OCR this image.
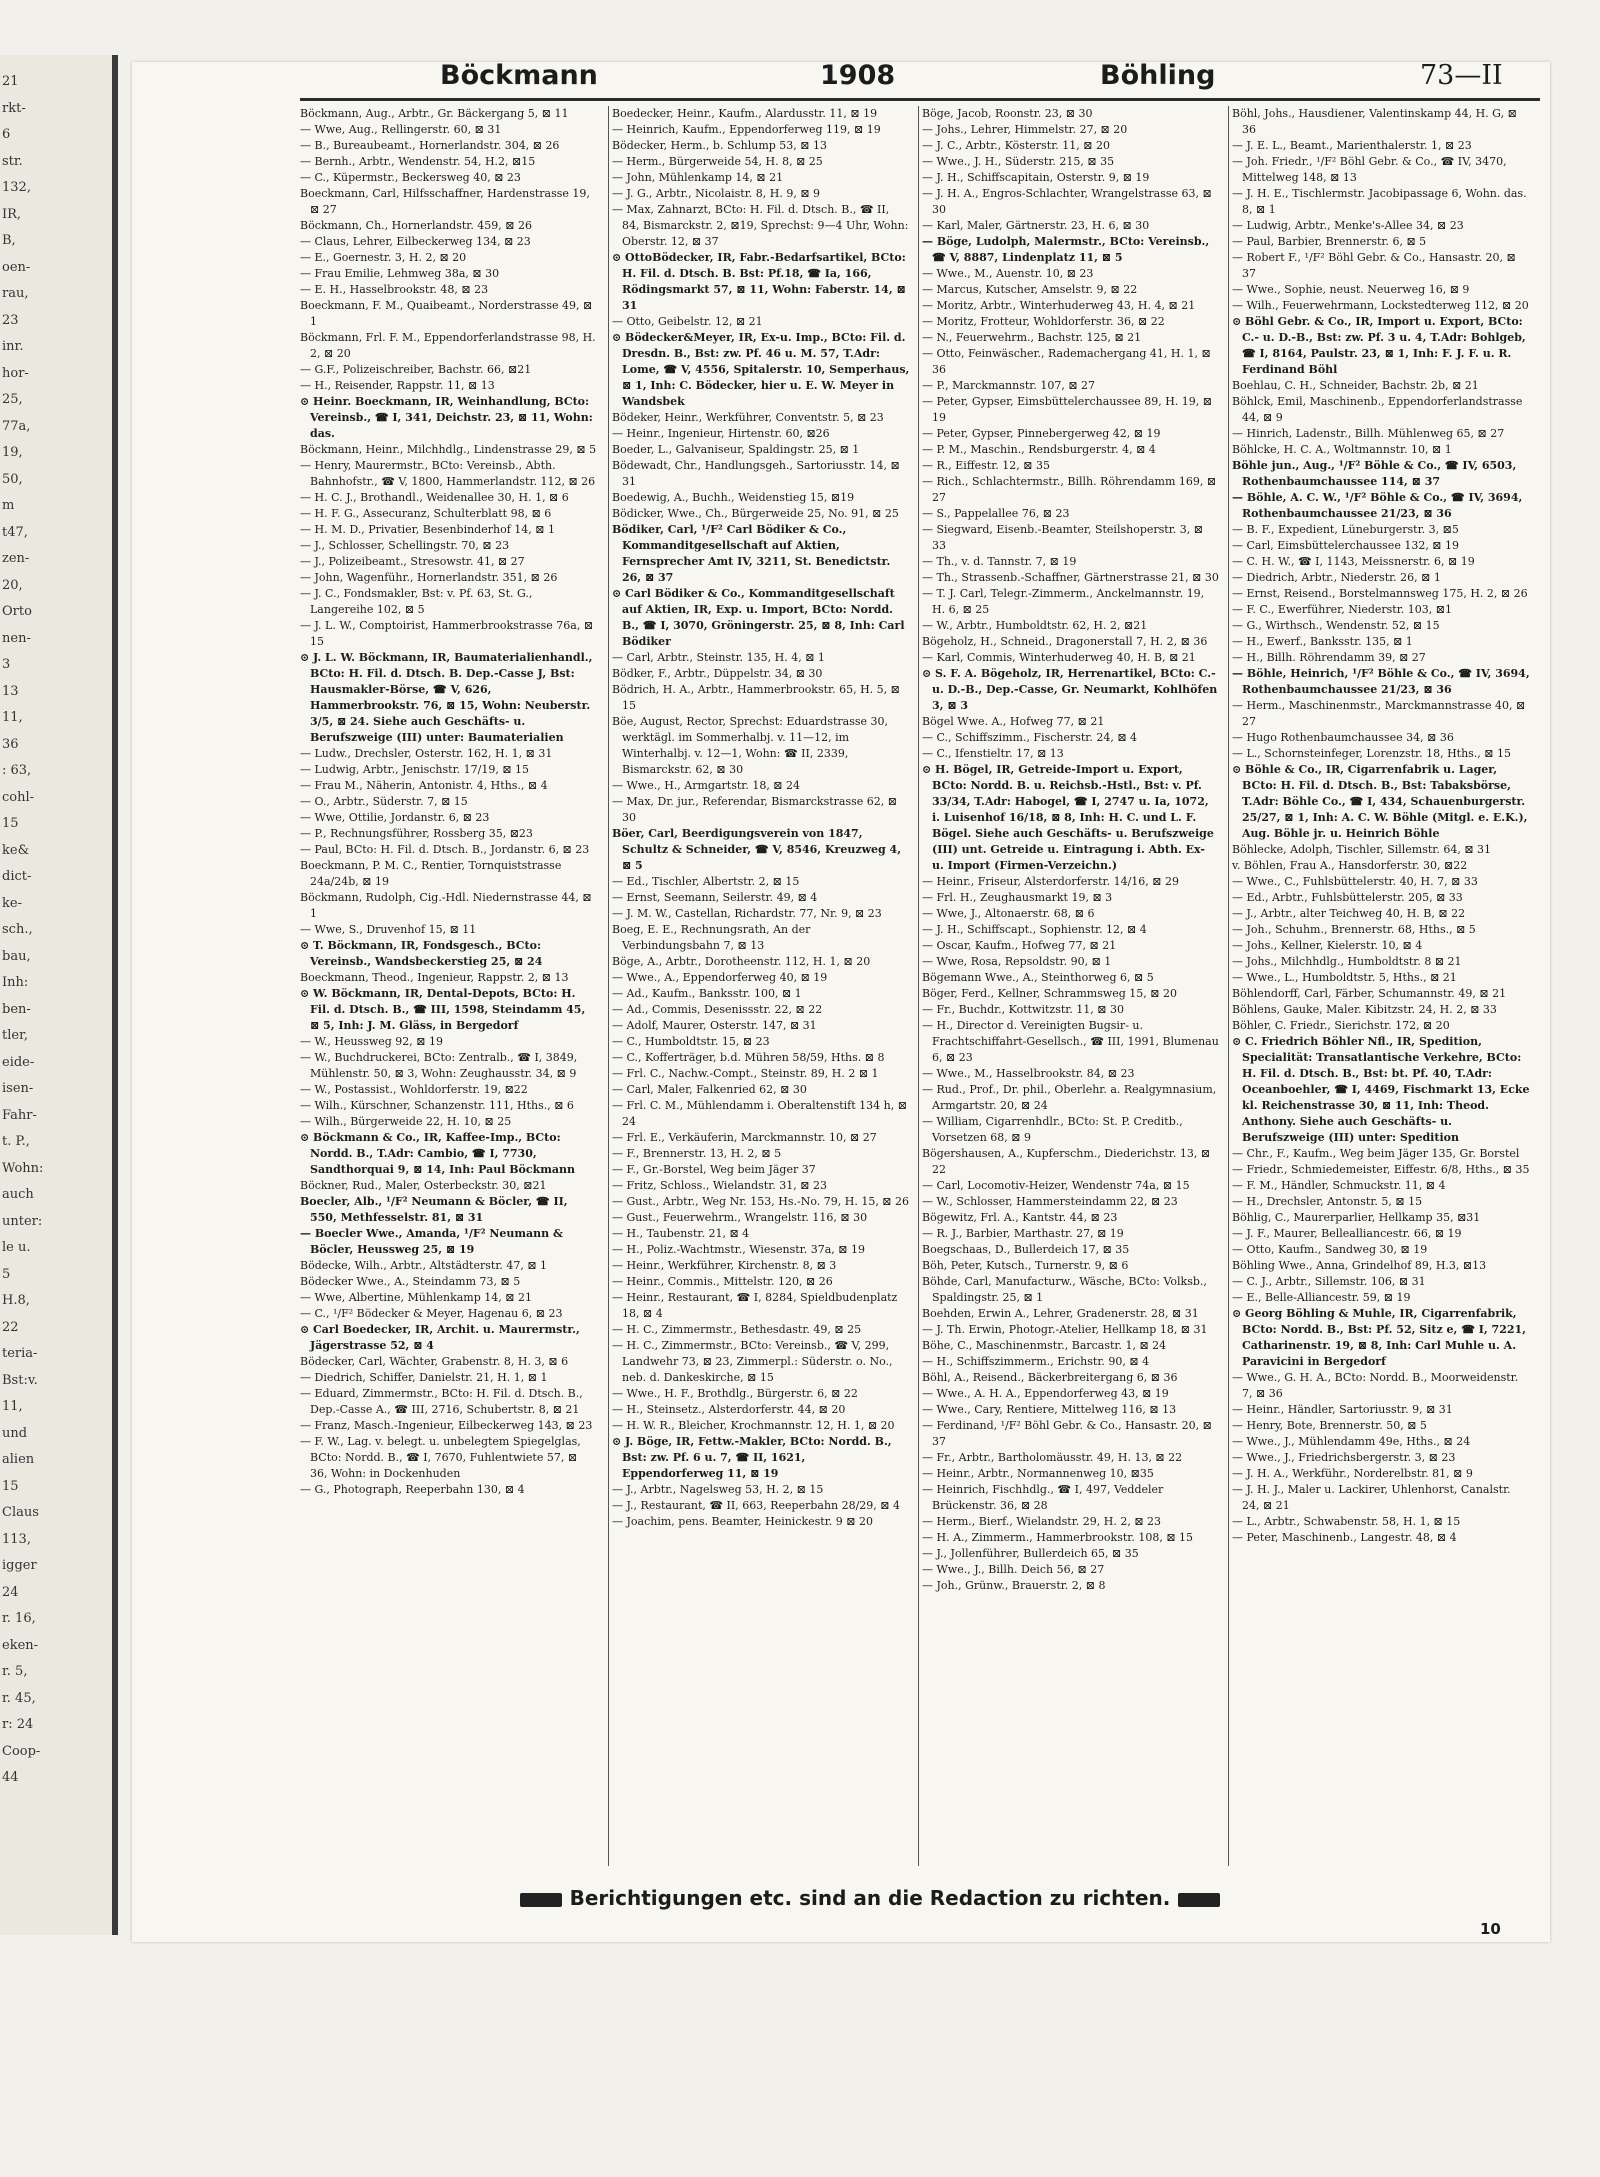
21
rkt-
6
str.
132,
IR,
B,
oen-
rau,
23
inr.
hor-
25,
77a,
19,
50,
m
t47,
zen-
20,
Orto
nen-
3
13
11,
36
: 63,
cohl-
15
ke&
dict-
ke-
sch.,
bau,
Inh:
ben-
tler,
eide-
isen-
Fahr-
t. P.,
Wohn:
auch
unter:
le u.
5
H.8,
22
teria-
Bst:v.
11,
und
alien
15
Claus
113,
igger
24
r. 16,
eken-
r. 5,
r. 45,
r: 24
Coop-
44
Böckmann	1908	Böhling	73—II

Böckmann, Aug., Arbtr., Gr. Bäckergang 5, ⊠ 11

— Wwe, Aug., Rellingerstr. 60, ⊠ 31

— B., Bureaubeamt., Hornerlandstr. 304, ⊠ 26

— Bernh., Arbtr., Wendenstr. 54, H.2, ⊠15

— C., Küpermstr., Beckersweg 40, ⊠ 23

Boeckmann, Carl, Hilfsschaffner, Hardenstrasse 19, ⊠ 27

Böckmann, Ch., Hornerlandstr. 459, ⊠ 26

— Claus, Lehrer, Eilbeckerweg 134, ⊠ 23

— E., Goernestr. 3, H. 2, ⊠ 20

— Frau Emilie, Lehmweg 38a, ⊠ 30

— E. H., Hasselbrookstr. 48, ⊠ 23

Boeckmann, F. M., Quaibeamt., Norderstrasse 49, ⊠ 1

Böckmann, Frl. F. M., Eppendorferlandstrasse 98, H. 2, ⊠ 20

— G.F., Polizeischreiber, Bachstr. 66, ⊠21

— H., Reisender, Rappstr. 11, ⊠ 13

⊙ Heinr. Boeckmann, IR, Weinhandlung, BCto: Vereinsb., ☎ I, 341, Deichstr. 23, ⊠ 11, Wohn: das.

Böckmann, Heinr., Milchhdlg., Lindenstrasse 29, ⊠ 5

— Henry, Maurermstr., BCto: Vereinsb., Abth. Bahnhofstr., ☎ V, 1800, Hammerlandstr. 112, ⊠ 26

— H. C. J., Brothandl., Weidenallee 30, H. 1, ⊠ 6

— H. F. G., Assecuranz, Schulterblatt 98, ⊠ 6

— H. M. D., Privatier, Besenbinderhof 14, ⊠ 1

— J., Schlosser, Schellingstr. 70, ⊠ 23

— J., Polizeibeamt., Stresowstr. 41, ⊠ 27

— John, Wagenführ., Hornerlandstr. 351, ⊠ 26

— J. C., Fondsmakler, Bst: v. Pf. 63, St. G., Langereihe 102, ⊠ 5

— J. L. W., Comptoirist, Hammerbrookstrasse 76a, ⊠ 15

⊙ J. L. W. Böckmann, IR, Baumaterialienhandl., BCto: H. Fil. d. Dtsch. B. Dep.-Casse J, Bst: Hausmakler-Börse, ☎ V, 626, Hammerbrookstr. 76, ⊠ 15, Wohn: Neuberstr. 3/5, ⊠ 24. Siehe auch Geschäfts- u. Berufszweige (III) unter: Baumaterialien

— Ludw., Drechsler, Osterstr. 162, H. 1, ⊠ 31

— Ludwig, Arbtr., Jenischstr. 17/19, ⊠ 15

— Frau M., Näherin, Antonistr. 4, Hths., ⊠ 4

— O., Arbtr., Süderstr. 7, ⊠ 15

— Wwe, Ottilie, Jordanstr. 6, ⊠ 23

— P., Rechnungsführer, Rossberg 35, ⊠23

— Paul, BCto: H. Fil. d. Dtsch. B., Jordanstr. 6, ⊠ 23

Boeckmann, P. M. C., Rentier, Tornquiststrasse 24a/24b, ⊠ 19

Böckmann, Rudolph, Cig.-Hdl. Niedernstrasse 44, ⊠ 1

— Wwe, S., Druvenhof 15, ⊠ 11

⊙ T. Böckmann, IR, Fondsgesch., BCto: Vereinsb., Wandsbeckerstieg 25, ⊠ 24

Boeckmann, Theod., Ingenieur, Rappstr. 2, ⊠ 13

⊙ W. Böckmann, IR, Dental-Depots, BCto: H. Fil. d. Dtsch. B., ☎ III, 1598, Steindamm 45, ⊠ 5, Inh: J. M. Gläss, in Bergedorf

— W., Heussweg 92, ⊠ 19

— W., Buchdruckerei, BCto: Zentralb., ☎ I, 3849, Mühlenstr. 50, ⊠ 3, Wohn: Zeughausstr. 34, ⊠ 9

— W., Postassist., Wohldorferstr. 19, ⊠22

— Wilh., Kürschner, Schanzenstr. 111, Hths., ⊠ 6

— Wilh., Bürgerweide 22, H. 10, ⊠ 25

⊙ Böckmann & Co., IR, Kaffee-Imp., BCto: Nordd. B., T.Adr: Cambio, ☎ I, 7730, Sandthorquai 9, ⊠ 14, Inh: Paul Böckmann

Böckner, Rud., Maler, Osterbeckstr. 30, ⊠21

Boecler, Alb., ¹/F² Neumann & Böcler, ☎ II, 550, Methfesselstr. 81, ⊠ 31

— Boecler Wwe., Amanda, ¹/F² Neumann & Böcler, Heussweg 25, ⊠ 19

Bödecke, Wilh., Arbtr., Altstädterstr. 47, ⊠ 1

Bödecker Wwe., A., Steindamm 73, ⊠ 5

— Wwe, Albertine, Mühlenkamp 14, ⊠ 21

— C., ¹/F² Bödecker & Meyer, Hagenau 6, ⊠ 23

⊙ Carl Boedecker, IR, Archit. u. Maurermstr., Jägerstrasse 52, ⊠ 4

Bödecker, Carl, Wächter, Grabenstr. 8, H. 3, ⊠ 6

— Diedrich, Schiffer, Danielstr. 21, H. 1, ⊠ 1

— Eduard, Zimmermstr., BCto: H. Fil. d. Dtsch. B., Dep.-Casse A., ☎ III, 2716, Schubertstr. 8, ⊠ 21

— Franz, Masch.-Ingenieur, Eilbeckerweg 143, ⊠ 23

— F. W., Lag. v. belegt. u. unbelegtem Spiegelglas, BCto: Nordd. B., ☎ I, 7670, Fuhlentwiete 57, ⊠ 36, Wohn: in Dockenhuden

— G., Photograph, Reeperbahn 130, ⊠ 4

Boedecker, Heinr., Kaufm., Alardusstr. 11, ⊠ 19

— Heinrich, Kaufm., Eppendorferweg 119, ⊠ 19

Bödecker, Herm., b. Schlump 53, ⊠ 13

— Herm., Bürgerweide 54, H. 8, ⊠ 25

— John, Mühlenkamp 14, ⊠ 21

— J. G., Arbtr., Nicolaistr. 8, H. 9, ⊠ 9

— Max, Zahnarzt, BCto: H. Fil. d. Dtsch. B., ☎ II, 84, Bismarckstr. 2, ⊠19, Sprechst: 9—4 Uhr, Wohn: Oberstr. 12, ⊠ 37

⊙ OttoBödecker, IR, Fabr.-Bedarfsartikel, BCto: H. Fil. d. Dtsch. B. Bst: Pf.18, ☎ Ia, 166, Rödingsmarkt 57, ⊠ 11, Wohn: Faberstr. 14, ⊠ 31

— Otto, Geibelstr. 12, ⊠ 21

⊙ Bödecker&Meyer, IR, Ex-u. Imp., BCto: Fil. d. Dresdn. B., Bst: zw. Pf. 46 u. M. 57, T.Adr: Lome, ☎ V, 4556, Spitalerstr. 10, Semperhaus, ⊠ 1, Inh: C. Bödecker, hier u. E. W. Meyer in Wandsbek

Bödeker, Heinr., Werkführer, Conventstr. 5, ⊠ 23

— Heinr., Ingenieur, Hirtenstr. 60, ⊠26

Boeder, L., Galvaniseur, Spaldingstr. 25, ⊠ 1

Bödewadt, Chr., Handlungsgeh., Sartoriusstr. 14, ⊠ 31

Boedewig, A., Buchh., Weidenstieg 15, ⊠19

Bödicker, Wwe., Ch., Bürgerweide 25, No. 91, ⊠ 25

Bödiker, Carl, ¹/F² Carl Bödiker & Co., Kommanditgesellschaft auf Aktien, Fernsprecher Amt IV, 3211, St. Benedictstr. 26, ⊠ 37

⊙ Carl Bödiker & Co., Kommanditgesellschaft auf Aktien, IR, Exp. u. Import, BCto: Nordd. B., ☎ I, 3070, Gröningerstr. 25, ⊠ 8, Inh: Carl Bödiker

— Carl, Arbtr., Steinstr. 135, H. 4, ⊠ 1

Bödker, F., Arbtr., Düppelstr. 34, ⊠ 30

Bödrich, H. A., Arbtr., Hammerbrookstr. 65, H. 5, ⊠ 15

Böe, August, Rector, Sprechst: Eduardstrasse 30, werktägl. im Sommerhalbj. v. 11—12, im Winterhalbj. v. 12—1, Wohn: ☎ II, 2339, Bismarckstr. 62, ⊠ 30

— Wwe., H., Armgartstr. 18, ⊠ 24

— Max, Dr. jur., Referendar, Bismarckstrasse 62, ⊠ 30

Böer, Carl, Beerdigungsverein von 1847, Schultz & Schneider, ☎ V, 8546, Kreuzweg 4, ⊠ 5

— Ed., Tischler, Albertstr. 2, ⊠ 15

— Ernst, Seemann, Seilerstr. 49, ⊠ 4

— J. M. W., Castellan, Richardstr. 77, Nr. 9, ⊠ 23

Boeg, E. E., Rechnungsrath, An der Verbindungsbahn 7, ⊠ 13

Böge, A., Arbtr., Dorotheenstr. 112, H. 1, ⊠ 20

— Wwe., A., Eppendorferweg 40, ⊠ 19

— Ad., Kaufm., Banksstr. 100, ⊠ 1

— Ad., Commis, Desenissstr. 22, ⊠ 22

— Adolf, Maurer, Osterstr. 147, ⊠ 31

— C., Humboldtstr. 15, ⊠ 23

— C., Kofferträger, b.d. Mühren 58/59, Hths. ⊠ 8

— Frl. C., Nachw.-Compt., Steinstr. 89, H. 2 ⊠ 1

— Carl, Maler, Falkenried 62, ⊠ 30

— Frl. C. M., Mühlendamm i. Oberaltenstift 134 h, ⊠ 24

— Frl. E., Verkäuferin, Marckmannstr. 10, ⊠ 27

— F., Brennerstr. 13, H. 2, ⊠ 5

— F., Gr.-Borstel, Weg beim Jäger 37

— Fritz, Schloss., Wielandstr. 31, ⊠ 23

— Gust., Arbtr., Weg Nr. 153, Hs.-No. 79, H. 15, ⊠ 26

— Gust., Feuerwehrm., Wrangelstr. 116, ⊠ 30

— H., Taubenstr. 21, ⊠ 4

— H., Poliz.-Wachtmstr., Wiesenstr. 37a, ⊠ 19

— Heinr., Werkführer, Kirchenstr. 8, ⊠ 3

— Heinr., Commis., Mittelstr. 120, ⊠ 26

— Heinr., Restaurant, ☎ I, 8284, Spieldbudenplatz 18, ⊠ 4

— H. C., Zimmermstr., Bethesdastr. 49, ⊠ 25

— H. C., Zimmermstr., BCto: Vereinsb., ☎ V, 299, Landwehr 73, ⊠ 23, Zimmerpl.: Süderstr. o. No., neb. d. Dankeskirche, ⊠ 15

— Wwe., H. F., Brothdlg., Bürgerstr. 6, ⊠ 22

— H., Steinsetz., Alsterdorferstr. 44, ⊠ 20

— H. W. R., Bleicher, Krochmannstr. 12, H. 1, ⊠ 20

⊙ J. Böge, IR, Fettw.-Makler, BCto: Nordd. B., Bst: zw. Pf. 6 u. 7, ☎ II, 1621, Eppendorferweg 11, ⊠ 19

— J., Arbtr., Nagelsweg 53, H. 2, ⊠ 15

— J., Restaurant, ☎ II, 663, Reeperbahn 28/29, ⊠ 4

— Joachim, pens. Beamter, Heinickestr. 9 ⊠ 20

Böge, Jacob, Roonstr. 23, ⊠ 30

— Johs., Lehrer, Himmelstr. 27, ⊠ 20

— J. C., Arbtr., Kösterstr. 11, ⊠ 20

— Wwe., J. H., Süderstr. 215, ⊠ 35

— J. H., Schiffscapitain, Osterstr. 9, ⊠ 19

— J. H. A., Engros-Schlachter, Wrangelstrasse 63, ⊠ 30

— Karl, Maler, Gärtnerstr. 23, H. 6, ⊠ 30

— Böge, Ludolph, Malermstr., BCto: Vereinsb., ☎ V, 8887, Lindenplatz 11, ⊠ 5

— Wwe., M., Auenstr. 10, ⊠ 23

— Marcus, Kutscher, Amselstr. 9, ⊠ 22

— Moritz, Arbtr., Winterhuderweg 43, H. 4, ⊠ 21

— Moritz, Frotteur, Wohldorferstr. 36, ⊠ 22

— N., Feuerwehrm., Bachstr. 125, ⊠ 21

— Otto, Feinwäscher., Rademachergang 41, H. 1, ⊠ 36

— P., Marckmannstr. 107, ⊠ 27

— Peter, Gypser, Eimsbüttelerchaussee 89, H. 19, ⊠ 19

— Peter, Gypser, Pinnebergerweg 42, ⊠ 19

— P. M., Maschin., Rendsburgerstr. 4, ⊠ 4

— R., Eiffestr. 12, ⊠ 35

— Rich., Schlachtermstr., Billh. Röhrendamm 169, ⊠ 27

— S., Pappelallee 76, ⊠ 23

— Siegward, Eisenb.-Beamter, Steilshoperstr. 3, ⊠ 33

— Th., v. d. Tannstr. 7, ⊠ 19

— Th., Strassenb.-Schaffner, Gärtnerstrasse 21, ⊠ 30

— T. J. Carl, Telegr.-Zimmerm., Anckelmannstr. 19, H. 6, ⊠ 25

— W., Arbtr., Humboldtstr. 62, H. 2, ⊠21

Bögeholz, H., Schneid., Dragonerstall 7, H. 2, ⊠ 36

— Karl, Commis, Winterhuderweg 40, H. B, ⊠ 21

⊙ S. F. A. Bögeholz, IR, Herrenartikel, BCto: C.- u. D.-B., Dep.-Casse, Gr. Neumarkt, Kohlhöfen 3, ⊠ 3

Bögel Wwe. A., Hofweg 77, ⊠ 21

— C., Schiffszimm., Fischerstr. 24, ⊠ 4

— C., Ifenstieltr. 17, ⊠ 13

⊙ H. Bögel, IR, Getreide-Import u. Export, BCto: Nordd. B. u. Reichsb.-Hstl., Bst: v. Pf. 33/34, T.Adr: Habogel, ☎ I, 2747 u. Ia, 1072, i. Luisenhof 16/18, ⊠ 8, Inh: H. C. und L. F. Bögel. Siehe auch Geschäfts- u. Berufszweige (III) unt. Getreide u. Eintragung i. Abth. Ex- u. Import (Firmen-Verzeichn.)

— Heinr., Friseur, Alsterdorferstr. 14/16, ⊠ 29

— Frl. H., Zeughausmarkt 19, ⊠ 3

— Wwe, J., Altonaerstr. 68, ⊠ 6

— J. H., Schiffscapt., Sophienstr. 12, ⊠ 4

— Oscar, Kaufm., Hofweg 77, ⊠ 21

— Wwe, Rosa, Repsoldstr. 90, ⊠ 1

Bögemann Wwe., A., Steinthorweg 6, ⊠ 5

Böger, Ferd., Kellner, Schrammsweg 15, ⊠ 20

— Fr., Buchdr., Kottwitzstr. 11, ⊠ 30

— H., Director d. Vereinigten Bugsir- u. Frachtschiffahrt-Gesellsch., ☎ III, 1991, Blumenau 6, ⊠ 23

— Wwe., M., Hasselbrookstr. 84, ⊠ 23

— Rud., Prof., Dr. phil., Oberlehr. a. Realgymnasium, Armgartstr. 20, ⊠ 24

— William, Cigarrenhdlr., BCto: St. P. Creditb., Vorsetzen 68, ⊠ 9

Bögershausen, A., Kupferschm., Diederichstr. 13, ⊠ 22

— Carl, Locomotiv-Heizer, Wendenstr 74a, ⊠ 15

— W., Schlosser, Hammersteindamm 22, ⊠ 23

Bögewitz, Frl. A., Kantstr. 44, ⊠ 23

— R. J., Barbier, Marthastr. 27, ⊠ 19

Boegschaas, D., Bullerdeich 17, ⊠ 35

Böh, Peter, Kutsch., Turnerstr. 9, ⊠ 6

Böhde, Carl, Manufacturw., Wäsche, BCto: Volksb., Spaldingstr. 25, ⊠ 1

Boehden, Erwin A., Lehrer, Gradenerstr. 28, ⊠ 31

— J. Th. Erwin, Photogr.-Atelier, Hellkamp 18, ⊠ 31

Böhe, C., Maschinenmstr., Barcastr. 1, ⊠ 24

— H., Schiffszimmerm., Erichstr. 90, ⊠ 4

Böhl, A., Reisend., Bäckerbreitergang 6, ⊠ 36

— Wwe., A. H. A., Eppendorferweg 43, ⊠ 19

— Wwe., Cary, Rentiere, Mittelweg 116, ⊠ 13

— Ferdinand, ¹/F² Böhl Gebr. & Co., Hansastr. 20, ⊠ 37

— Fr., Arbtr., Bartholomäusstr. 49, H. 13, ⊠ 22

— Heinr., Arbtr., Normannenweg 10, ⊠35

— Heinrich, Fischhdlg., ☎ I, 497, Veddeler Brückenstr. 36, ⊠ 28

— Herm., Bierf., Wielandstr. 29, H. 2, ⊠ 23

— H. A., Zimmerm., Hammerbrookstr. 108, ⊠ 15

— J., Jollenführer, Bullerdeich 65, ⊠ 35

— Wwe., J., Billh. Deich 56, ⊠ 27

— Joh., Grünw., Brauerstr. 2, ⊠ 8

Böhl, Johs., Hausdiener, Valentinskamp 44, H. G, ⊠ 36

— J. E. L., Beamt., Marienthalerstr. 1, ⊠ 23

— Joh. Friedr., ¹/F² Böhl Gebr. & Co., ☎ IV, 3470, Mittelweg 148, ⊠ 13

— J. H. E., Tischlermstr. Jacobipassage 6, Wohn. das. 8, ⊠ 1

— Ludwig, Arbtr., Menke's-Allee 34, ⊠ 23

— Paul, Barbier, Brennerstr. 6, ⊠ 5

— Robert F., ¹/F² Böhl Gebr. & Co., Hansastr. 20, ⊠ 37

— Wwe., Sophie, neust. Neuerweg 16, ⊠ 9

— Wilh., Feuerwehrmann, Lockstedterweg 112, ⊠ 20

⊙ Böhl Gebr. & Co., IR, Import u. Export, BCto: C.- u. D.-B., Bst: zw. Pf. 3 u. 4, T.Adr: Bohlgeb, ☎ I, 8164, Paulstr. 23, ⊠ 1, Inh: F. J. F. u. R. Ferdinand Böhl

Boehlau, C. H., Schneider, Bachstr. 2b, ⊠ 21

Böhlck, Emil, Maschinenb., Eppendorferlandstrasse 44, ⊠ 9

— Hinrich, Ladenstr., Billh. Mühlenweg 65, ⊠ 27

Böhlcke, H. C. A., Woltmannstr. 10, ⊠ 1

Böhle jun., Aug., ¹/F² Böhle & Co., ☎ IV, 6503, Rothenbaumchaussee 114, ⊠ 37

— Böhle, A. C. W., ¹/F² Böhle & Co., ☎ IV, 3694, Rothenbaumchaussee 21/23, ⊠ 36

— B. F., Expedient, Lüneburgerstr. 3, ⊠5

— Carl, Eimsbüttelerchaussee 132, ⊠ 19

— C. H. W., ☎ I, 1143, Meissnerstr. 6, ⊠ 19

— Diedrich, Arbtr., Niederstr. 26, ⊠ 1

— Ernst, Reisend., Borstelmannsweg 175, H. 2, ⊠ 26

— F. C., Ewerführer, Niederstr. 103, ⊠1

— G., Wirthsch., Wendenstr. 52, ⊠ 15

— H., Ewerf., Banksstr. 135, ⊠ 1

— H., Billh. Röhrendamm 39, ⊠ 27

— Böhle, Heinrich, ¹/F² Böhle & Co., ☎ IV, 3694, Rothenbaumchaussee 21/23, ⊠ 36

— Herm., Maschinenmstr., Marckmannstrasse 40, ⊠ 27

— Hugo Rothenbaumchaussee 34, ⊠ 36

— L., Schornsteinfeger, Lorenzstr. 18, Hths., ⊠ 15

⊙ Böhle & Co., IR, Cigarrenfabrik u. Lager, BCto: H. Fil. d. Dtsch. B., Bst: Tabaksbörse, T.Adr: Böhle Co., ☎ I, 434, Schauenburgerstr. 25/27, ⊠ 1, Inh: A. C. W. Böhle (Mitgl. e. E.K.), Aug. Böhle jr. u. Heinrich Böhle

Böhlecke, Adolph, Tischler, Sillemstr. 64, ⊠ 31

v. Böhlen, Frau A., Hansdorferstr. 30, ⊠22

— Wwe., C., Fuhlsbüttelerstr. 40, H. 7, ⊠ 33

— Ed., Arbtr., Fuhlsbüttelerstr. 205, ⊠ 33

— J., Arbtr., alter Teichweg 40, H. B, ⊠ 22

— Joh., Schuhm., Brennerstr. 68, Hths., ⊠ 5

— Johs., Kellner, Kielerstr. 10, ⊠ 4

— Johs., Milchhdlg., Humboldtstr. 8 ⊠ 21

— Wwe., L., Humboldtstr. 5, Hths., ⊠ 21

Böhlendorff, Carl, Färber, Schumannstr. 49, ⊠ 21

Böhlens, Gauke, Maler. Kibitzstr. 24, H. 2, ⊠ 33

Böhler, C. Friedr., Sierichstr. 172, ⊠ 20

⊙ C. Friedrich Böhler Nfl., IR, Spedition, Specialität: Transatlantische Verkehre, BCto: H. Fil. d. Dtsch. B., Bst: bt. Pf. 40, T.Adr: Oceanboehler, ☎ I, 4469, Fischmarkt 13, Ecke kl. Reichenstrasse 30, ⊠ 11, Inh: Theod. Anthony. Siehe auch Geschäfts- u. Berufszweige (III) unter: Spedition

— Chr., F., Kaufm., Weg beim Jäger 135, Gr. Borstel

— Friedr., Schmiedemeister, Eiffestr. 6/8, Hths., ⊠ 35

— F. M., Händler, Schmuckstr. 11, ⊠ 4

— H., Drechsler, Antonstr. 5, ⊠ 15

Böhlig, C., Maurerparlier, Hellkamp 35, ⊠31

— J. F., Maurer, Bellealliancestr. 66, ⊠ 19

— Otto, Kaufm., Sandweg 30, ⊠ 19

Böhling Wwe., Anna, Grindelhof 89, H.3, ⊠13

— C. J., Arbtr., Sillemstr. 106, ⊠ 31

— E., Belle-Alliancestr. 59, ⊠ 19

⊙ Georg Böhling & Muhle, IR, Cigarrenfabrik, BCto: Nordd. B., Bst: Pf. 52, Sitz e, ☎ I, 7221, Catharinenstr. 19, ⊠ 8, Inh: Carl Muhle u. A. Paravicini in Bergedorf

— Wwe., G. H. A., BCto: Nordd. B., Moorweidenstr. 7, ⊠ 36

— Heinr., Händler, Sartoriusstr. 9, ⊠ 31

— Henry, Bote, Brennerstr. 50, ⊠ 5

— Wwe., J., Mühlendamm 49e, Hths., ⊠ 24

— Wwe., J., Friedrichsbergerstr. 3, ⊠ 23

— J. H. A., Werkführ., Norderelbstr. 81, ⊠ 9

— J. H. J., Maler u. Lackirer, Uhlenhorst, Canalstr. 24, ⊠ 21

— L., Arbtr., Schwabenstr. 58, H. 1, ⊠ 15

— Peter, Maschinenb., Langestr. 48, ⊠ 4

Berichtigungen etc. sind an die Redaction zu richten.
10
